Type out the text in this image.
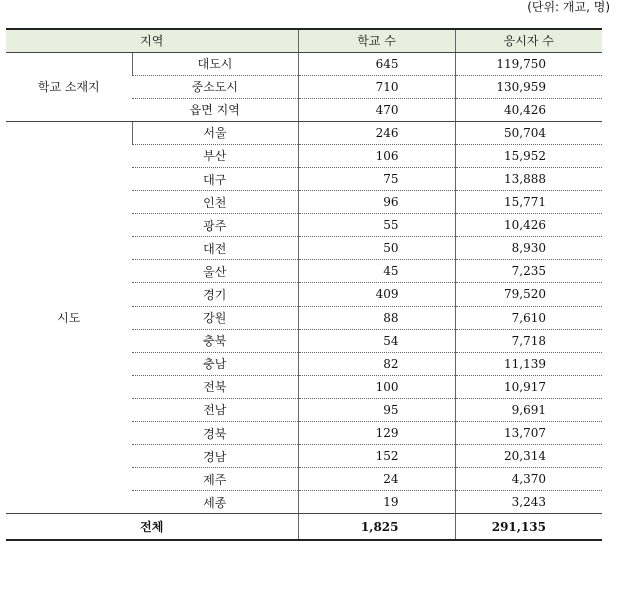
(단위: 개교, 명)
지역		학교 수	응시자 수
학교 소재지	대도시	645	119,750
	중소도시	710	130,959
	읍면 지역	470	40,426
시도	서울	246	50,704
	부산	106	15,952
	대구	75	13,888
	인천	96	15,771
	광주	55	10,426
	대전	50	8,930
	울산	45	7,235
	경기	409	79,520
	강원	88	7,610
	충북	54	7,718
	충남	82	11,139
	전북	100	10,917
	전남	95	9,691
	경북	129	13,707
	경남	152	20,314
	제주	24	4,370
	세종	19	3,243
전체		1,825	291,135
